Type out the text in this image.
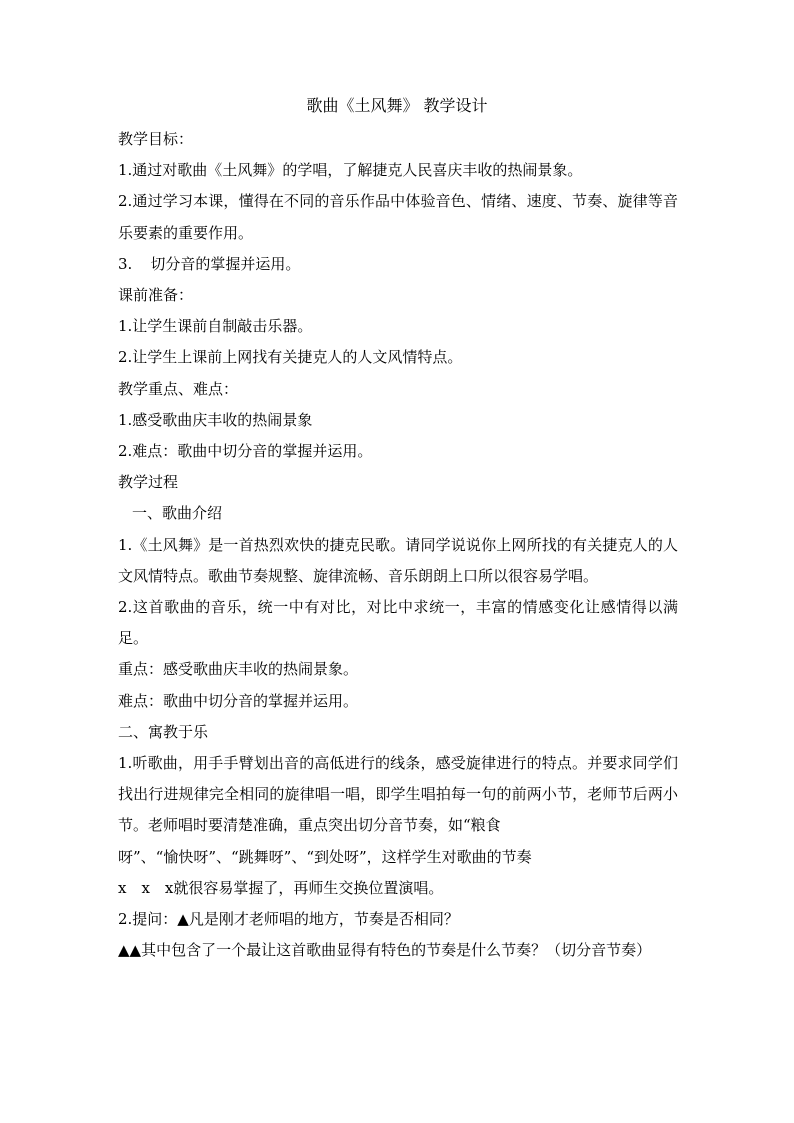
歌曲《土风舞》 教学设计

教学目标：

1.通过对歌曲《土风舞》的学唱，了解捷克人民喜庆丰收的热闹景象。

2.通过学习本课，懂得在不同的音乐作品中体验音色、情绪、速度、节奏、旋律等音乐要素的重要作用。

3. 切分音的掌握并运用。

课前准备：

1.让学生课前自制敲击乐器。

2.让学生上课前上网找有关捷克人的人文风情特点。

教学重点、难点：

1.感受歌曲庆丰收的热闹景象

2.难点：歌曲中切分音的掌握并运用。

教学过程

一、歌曲介绍

1.《土风舞》是一首热烈欢快的捷克民歌。请同学说说你上网所找的有关捷克人的人文风情特点。歌曲节奏规整、旋律流畅、音乐朗朗上口所以很容易学唱。

2.这首歌曲的音乐，统一中有对比，对比中求统一，丰富的情感变化让感情得以满足。

重点：感受歌曲庆丰收的热闹景象。

难点：歌曲中切分音的掌握并运用。

二、寓教于乐

1.听歌曲，用手手臂划出音的高低进行的线条，感受旋律进行的特点。并要求同学们找出行进规律完全相同的旋律唱一唱，即学生唱拍每一句的前两小节，老师节后两小节。老师唱时要清楚准确，重点突出切分音节奏，如“粮食

呀”、“愉快呀”、“跳舞呀”、“到处呀”，这样学生对歌曲的节奏

x　x　x就很容易掌握了，再师生交换位置演唱。

2.提问：▲凡是刚才老师唱的地方，节奏是否相同？

▲▲其中包含了一个最让这首歌曲显得有特色的节奏是什么节奏？（切分音节奏）
